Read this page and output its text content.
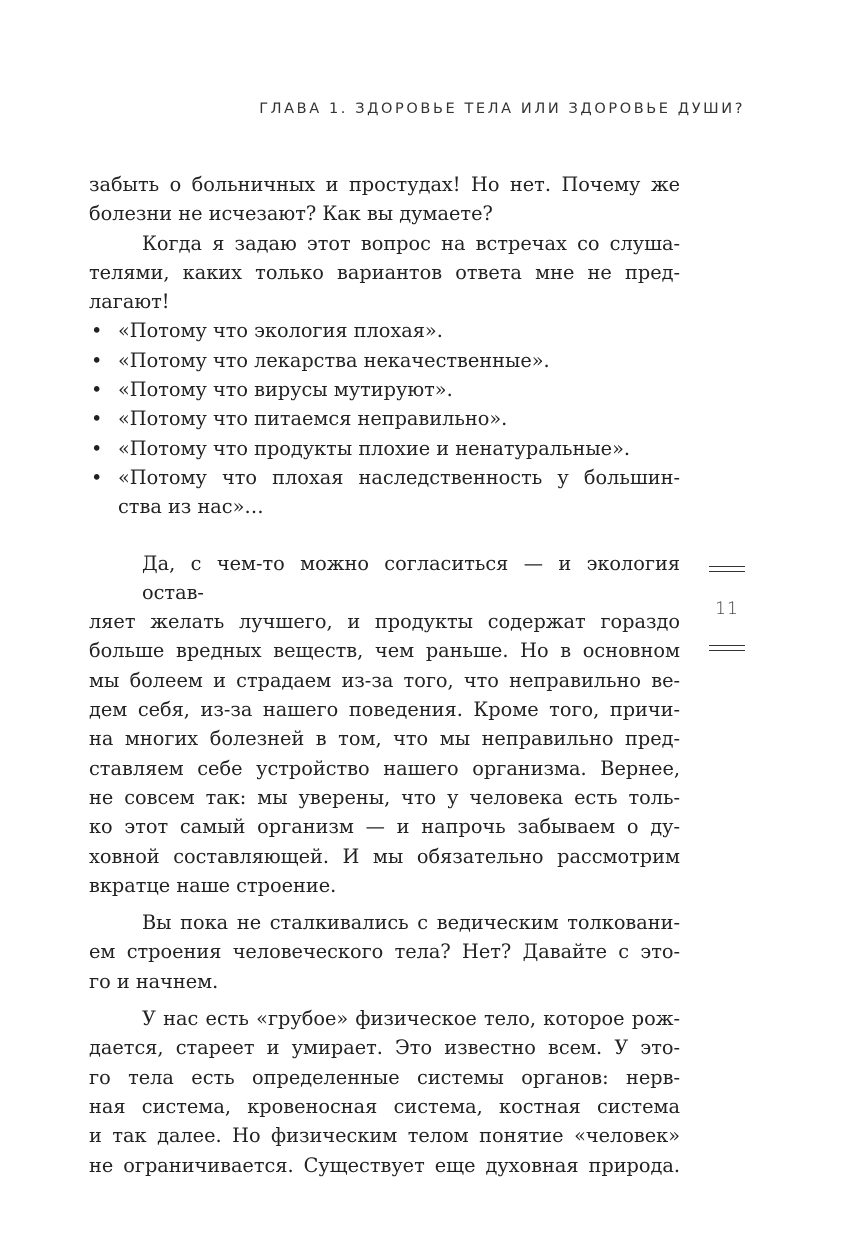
ГЛАВА 1. ЗДОРОВЬЕ ТЕЛА ИЛИ ЗДОРОВЬЕ ДУШИ?
забыть о больничных и простудах! Но нет. Почему же
болезни не исчезают? Как вы думаете?
Когда я задаю этот вопрос на встречах со слуша-
телями, каких только вариантов ответа мне не пред-
лагают!
• «Потому что экология плохая».
• «Потому что лекарства некачественные».
• «Потому что вирусы мутируют».
• «Потому что питаемся неправильно».
• «Потому что продукты плохие и ненатуральные».
• «Потому что плохая наследственность у большин-
ства из нас»…
Да, с чем-то можно согласиться — и экология остав-
ляет желать лучшего, и продукты содержат гораздо
больше вредных веществ, чем раньше. Но в основном
мы болеем и страдаем из-за того, что неправильно ве-
дем себя, из-за нашего поведения. Кроме того, причи-
на многих болезней в том, что мы неправильно пред-
ставляем себе устройство нашего организма. Вернее,
не совсем так: мы уверены, что у человека есть толь-
ко этот самый организм — и напрочь забываем о ду-
ховной составляющей. И мы обязательно рассмотрим
вкратце наше строение.
Вы пока не сталкивались с ведическим толковани-
ем строения человеческого тела? Нет? Давайте с это-
го и начнем.
У нас есть «грубое» физическое тело, которое рож-
дается, стареет и умирает. Это известно всем. У это-
го тела есть определенные системы органов: нерв-
ная система, кровеносная система, костная система
и так далее. Но физическим телом понятие «человек»
не ограничивается. Существует еще духовная природа.
11
